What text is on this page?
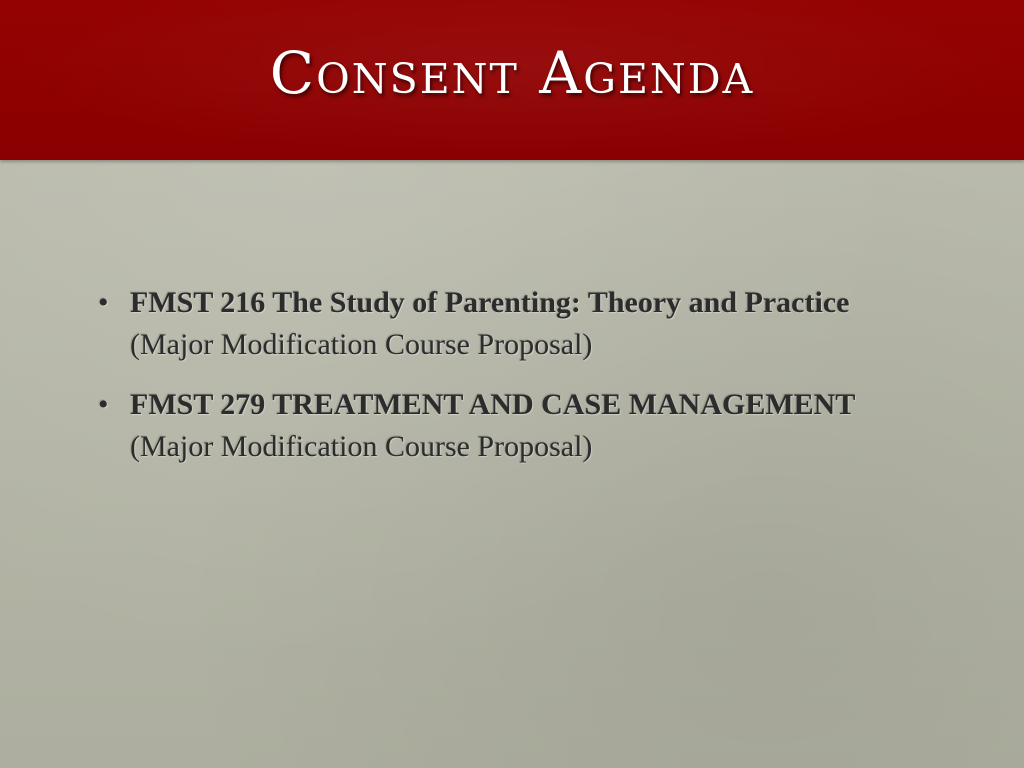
Consent Agenda
• FMST 216 The Study of Parenting: Theory and Practice (Major Modification Course Proposal)
• FMST 279 TREATMENT AND CASE MANAGEMENT (Major Modification Course Proposal)
